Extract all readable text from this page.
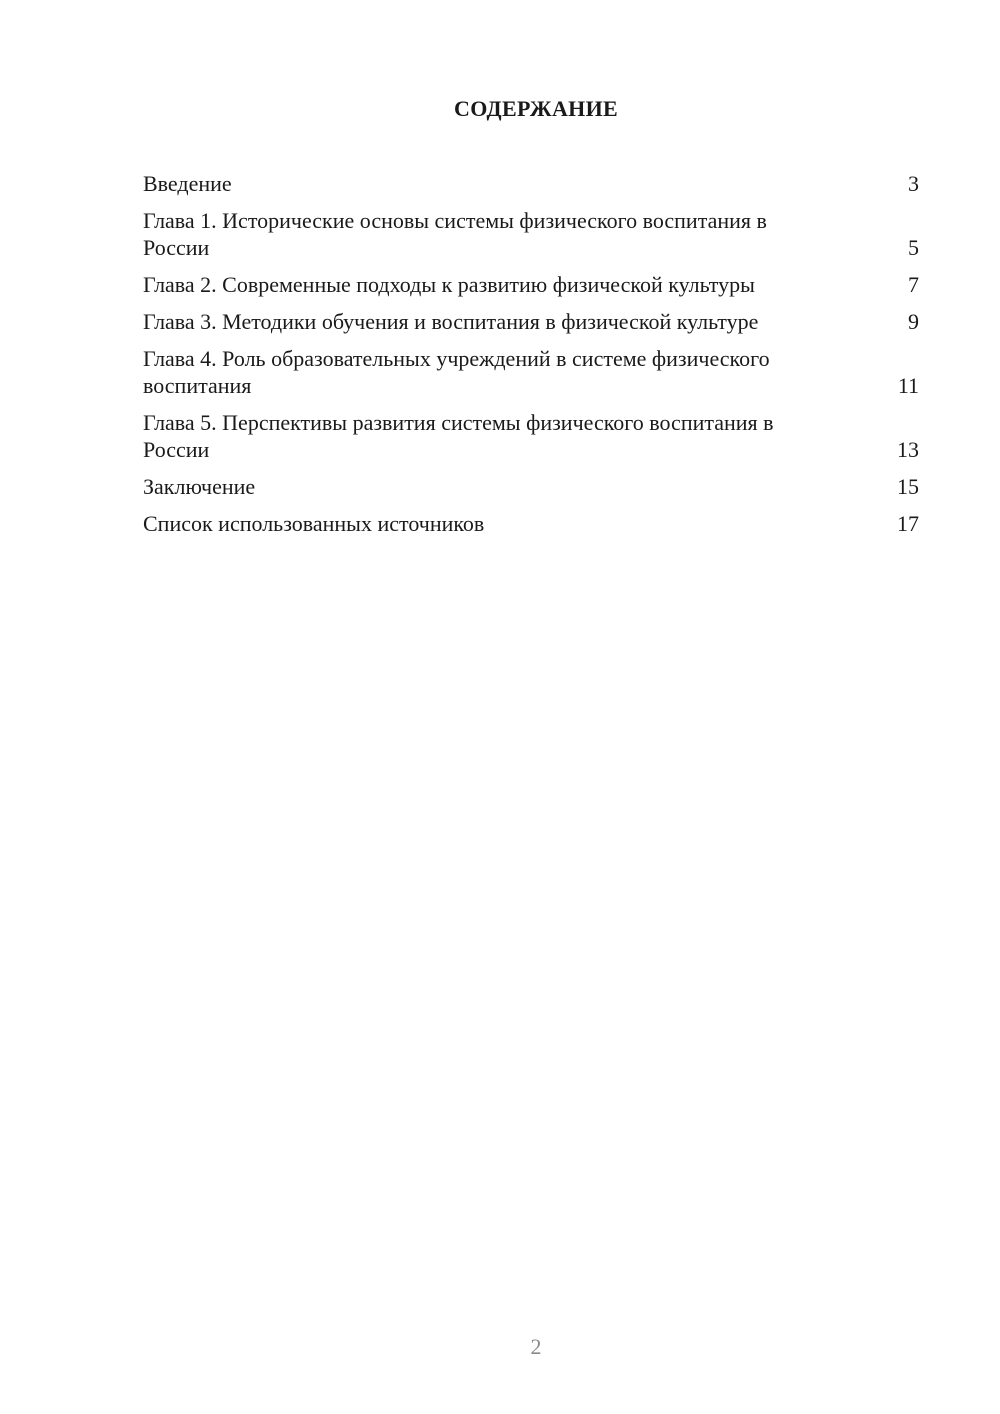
СОДЕРЖАНИЕ
Введение	3
Глава 1. Исторические основы системы физического воспитания в России	5
Глава 2. Современные подходы к развитию физической культуры	7
Глава 3. Методики обучения и воспитания в физической культуре	9
Глава 4. Роль образовательных учреждений в системе физического воспитания	11
Глава 5. Перспективы развития системы физического воспитания в России	13
Заключение	15
Список использованных источников	17
2
